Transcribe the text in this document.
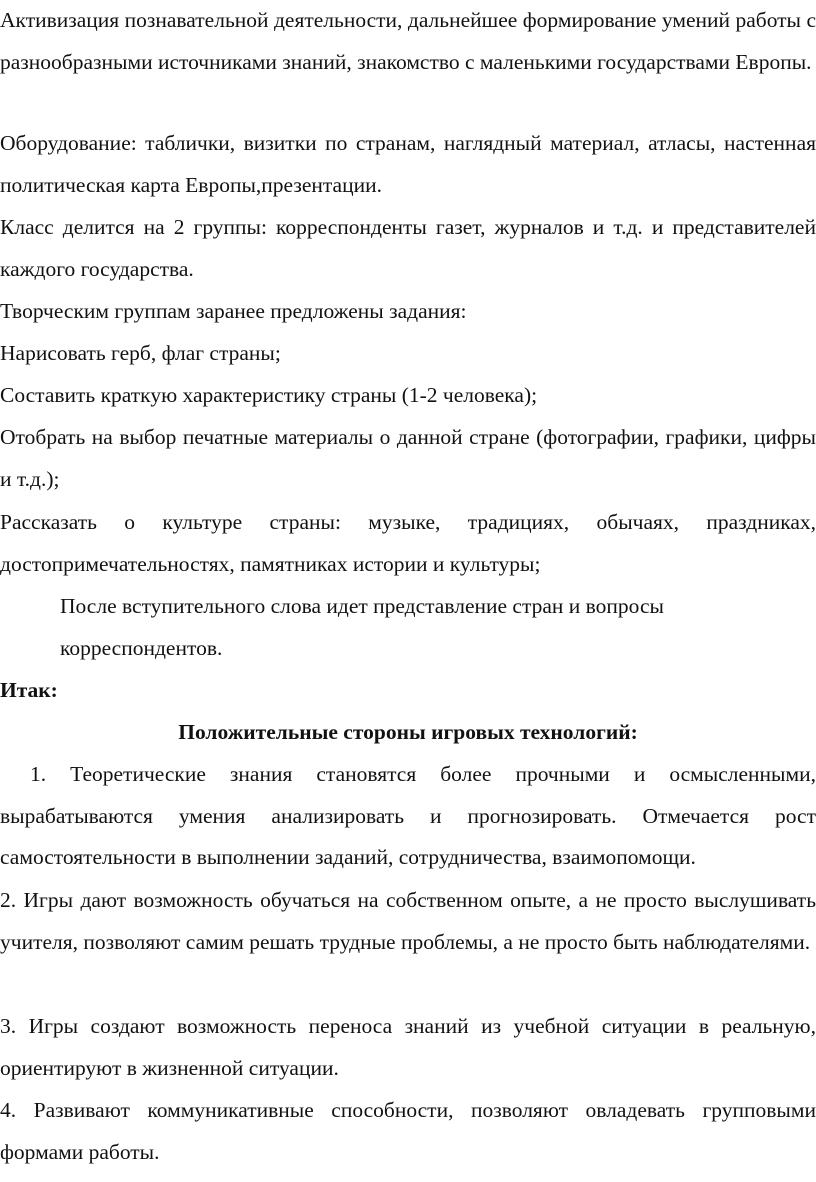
Активизация познавательной деятельности, дальнейшее формирование умений работы с разнообразными источниками знаний, знакомство с маленькими государствами Европы.

Оборудование: таблички, визитки по странам, наглядный материал, атласы, настенная политическая карта Европы,презентации.

Класс делится на 2 группы: корреспонденты газет, журналов и т.д. и представителей каждого государства.

Творческим группам заранее предложены задания:

Нарисовать герб, флаг страны;

Составить краткую характеристику страны (1-2 человека);

Отобрать на выбор печатные материалы о данной стране (фотографии, графики, цифры и т.д.);

Рассказать о культуре страны: музыке, традициях, обычаях, праздниках, достопримечательностях, памятниках истории и культуры;

После вступительного слова идет представление стран и вопросы корреспондентов.

Итак:

Положительные стороны игровых технологий:

1. Теоретические знания становятся более прочными и осмысленными, вырабатываются умения анализировать и прогнозировать. Отмечается рост самостоятельности в выполнении заданий, сотрудничества, взаимопомощи.

2. Игры дают возможность обучаться на собственном опыте, а не просто выслушивать учителя, позволяют самим решать трудные проблемы, а не просто быть наблюдателями.

3. Игры создают возможность переноса знаний из учебной ситуации в реальную, ориентируют в жизненной ситуации.

4. Развивают коммуникативные способности, позволяют овладевать групповыми формами работы.
